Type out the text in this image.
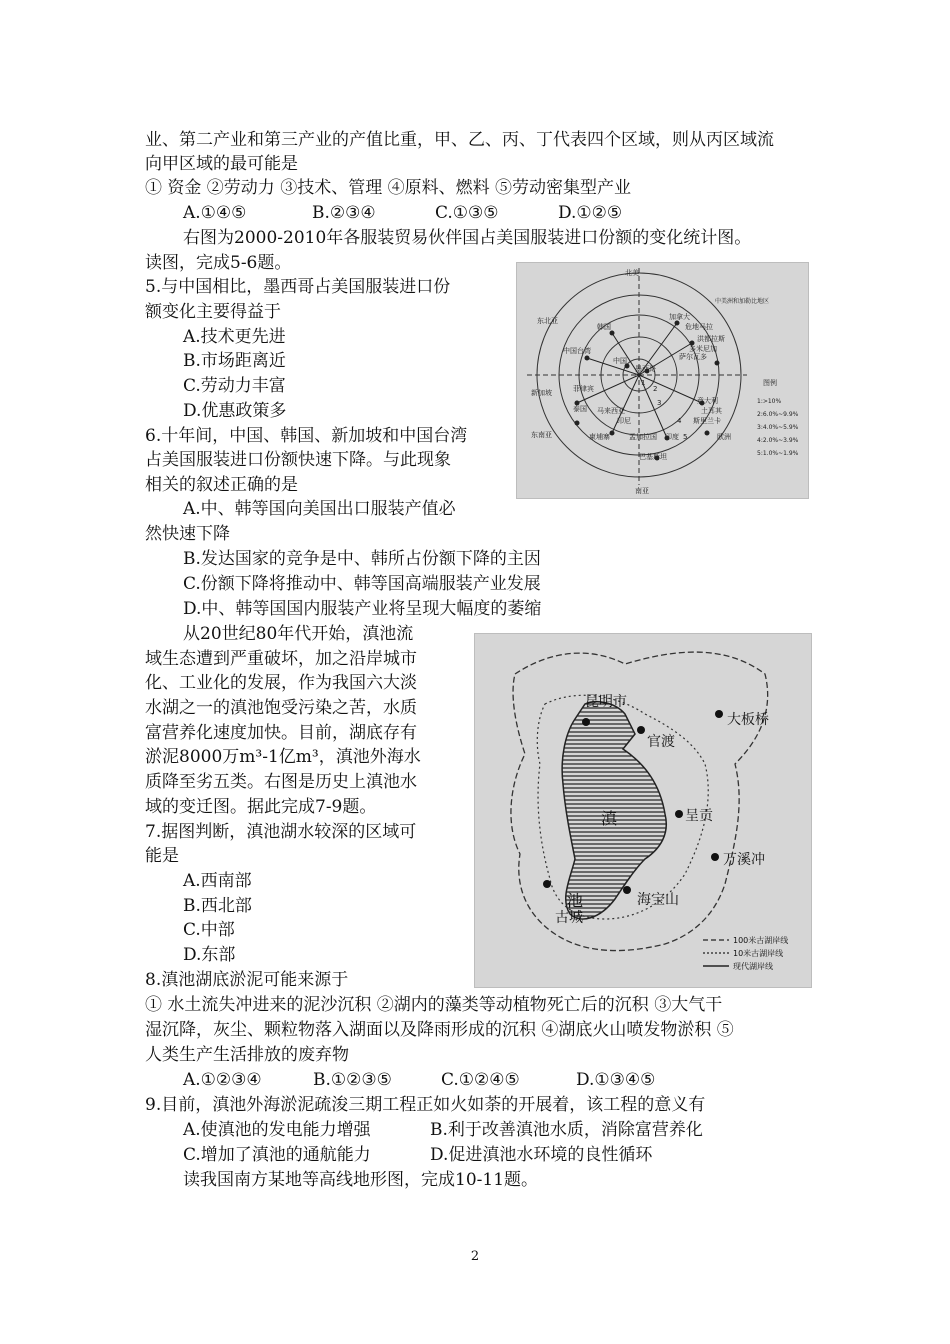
业、第二产业和第三产业的产值比重，甲、乙、丙、丁代表四个区域，则从丙区域流
向甲区域的最可能是
① 资金 ②劳动力 ③技术、管理 ④原料、燃料 ⑤劳动密集型产业
A.①④⑤	B.②③④	C.①③⑤	D.①②⑤
右图为2000-2010年各服装贸易伙伴国占美国服装进口份额的变化统计图。
读图，完成5-6题。
5.与中国相比，墨西哥占美国服装进口份
额变化主要得益于
A.技术更先进
B.市场距离近
C.劳动力丰富
D.优惠政策多
6.十年间，中国、韩国、新加坡和中国台湾
占美国服装进口份额快速下降。与此现象
相关的叙述正确的是
A.中、韩等国向美国出口服装产值必
然快速下降
B.发达国家的竞争是中、韩所占份额下降的主因
C.份额下降将推动中、韩等国高端服装产业发展
D.中、韩等国国内服装产业将呈现大幅度的萎缩
北美
东北亚
中美洲和加勒比地区
中国台湾
新加坡
东南亚
南亚
欧洲
加拿大
韩国	危地马拉
多米尼加
萨尔瓦多
洪都拉斯
中国
墨西哥
菲律宾
泰国 马来西亚
印尼
柬埔寨	孟加拉国
巴基斯坦
印度
斯里兰卡
土耳其
意大利
1
2
3
4
5
图例
1:>10%
2:6.0%~9.9%
3:4.0%~5.9%
4:2.0%~3.9%
5:1.0%~1.9%
从20世纪80年代开始，滇池流
域生态遭到严重破坏，加之沿岸城市
化、工业化的发展，作为我国六大淡
水湖之一的滇池饱受污染之苦，水质
富营养化速度加快。目前，湖底存有
淤泥8000万m³-1亿m³，滇池外海水
质降至劣五类。右图是历史上滇池水
域的变迁图。据此完成7-9题。
7.据图判断，滇池湖水较深的区域可
能是
A.西南部
B.西北部
C.中部
D.东部
昆明市
官渡
大板桥
呈贡
万溪冲
海宝山
古城
滇
池
100米古湖岸线
10米古湖岸线
现代湖岸线
8.滇池湖底淤泥可能来源于
① 水土流失冲进来的泥沙沉积 ②湖内的藻类等动植物死亡后的沉积 ③大气干
湿沉降，灰尘、颗粒物落入湖面以及降雨形成的沉积 ④湖底火山喷发物淤积 ⑤
人类生产生活排放的废弃物
A.①②③④	B.①②③⑤	C.①②④⑤	D.①③④⑤
9.目前，滇池外海淤泥疏浚三期工程正如火如荼的开展着，该工程的意义有
A.使滇池的发电能力增强	B.利于改善滇池水质，消除富营养化
C.增加了滇池的通航能力	D.促进滇池水环境的良性循环
读我国南方某地等高线地形图，完成10-11题。
2
